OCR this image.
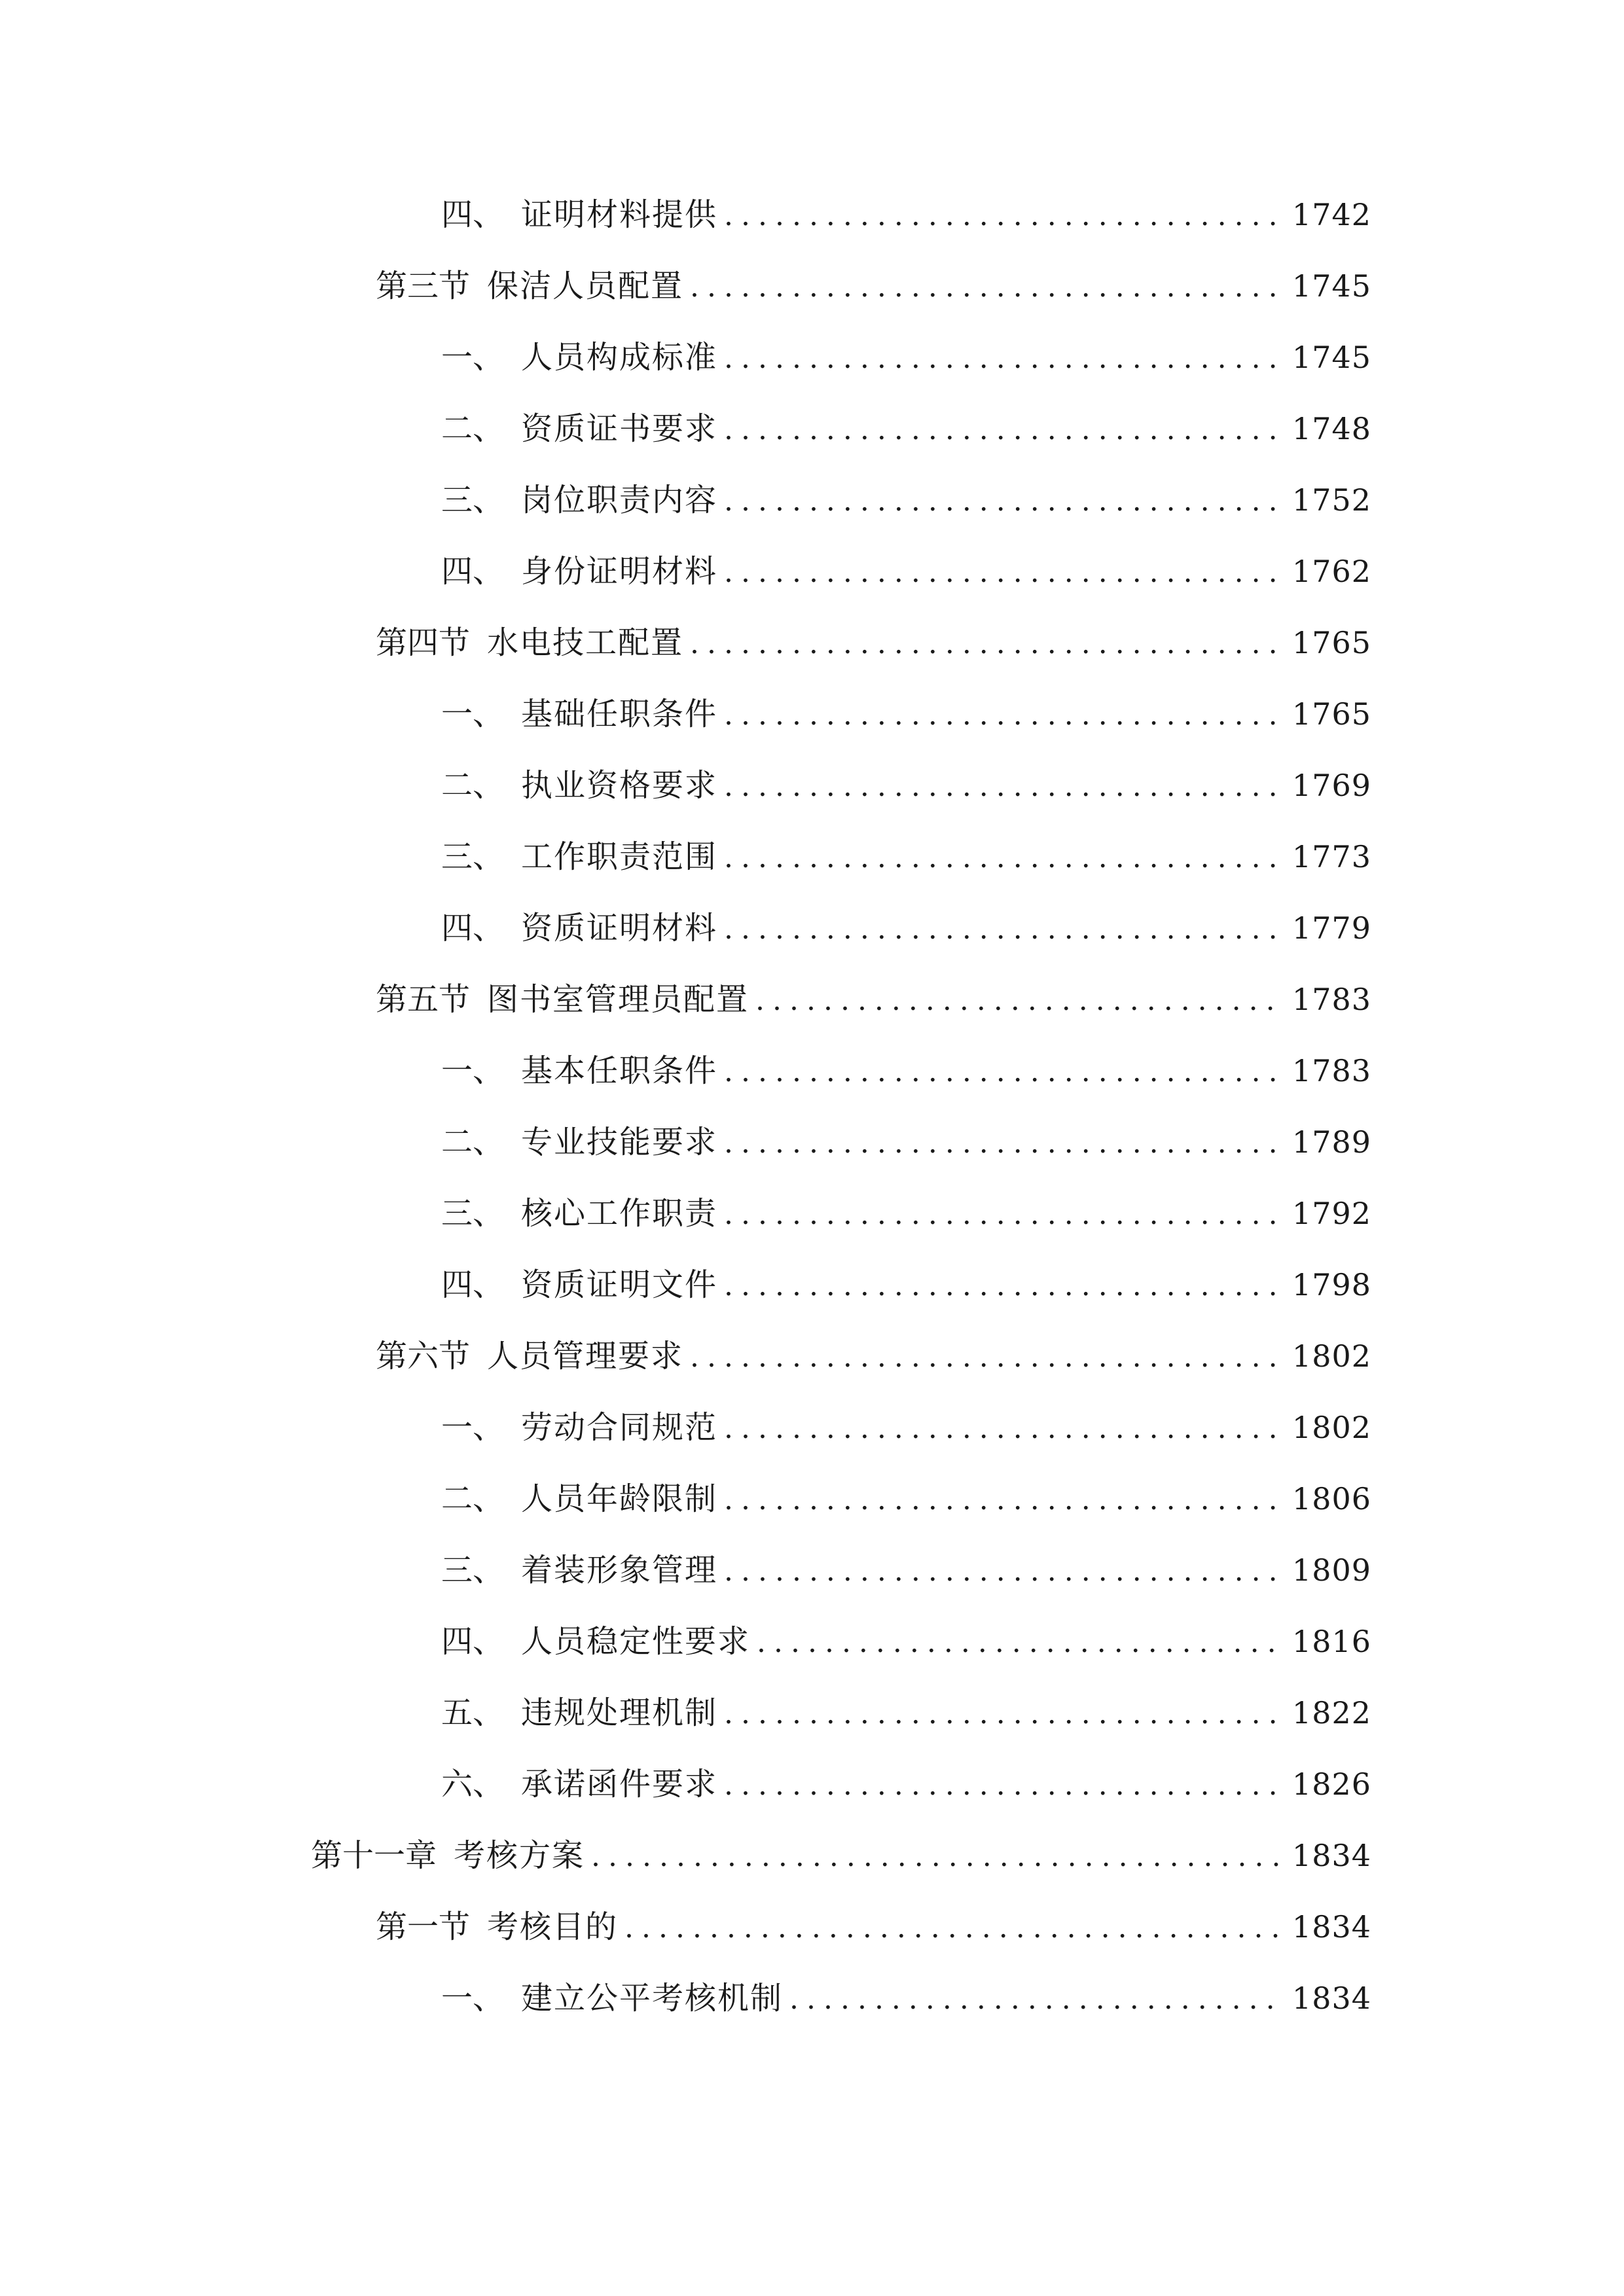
四、 证明材料提供 .....	1742
第三节 保洁人员配置 .....	1745
一、 人员构成标准 .....	1745
二、 资质证书要求 .....	1748
三、 岗位职责内容 .....	1752
四、 身份证明材料 .....	1762
第四节 水电技工配置 .....	1765
一、 基础任职条件 .....	1765
二、 执业资格要求 .....	1769
三、 工作职责范围 .....	1773
四、 资质证明材料 .....	1779
第五节 图书室管理员配置 .....	1783
一、 基本任职条件 .....	1783
二、 专业技能要求 .....	1789
三、 核心工作职责 .....	1792
四、 资质证明文件 .....	1798
第六节 人员管理要求 .....	1802
一、 劳动合同规范 .....	1802
二、 人员年龄限制 .....	1806
三、 着装形象管理 .....	1809
四、 人员稳定性要求 .....	1816
五、 违规处理机制 .....	1822
六、 承诺函件要求 .....	1826
第十一章 考核方案 .....	1834
第一节 考核目的 .....	1834
一、 建立公平考核机制 .....	1834
